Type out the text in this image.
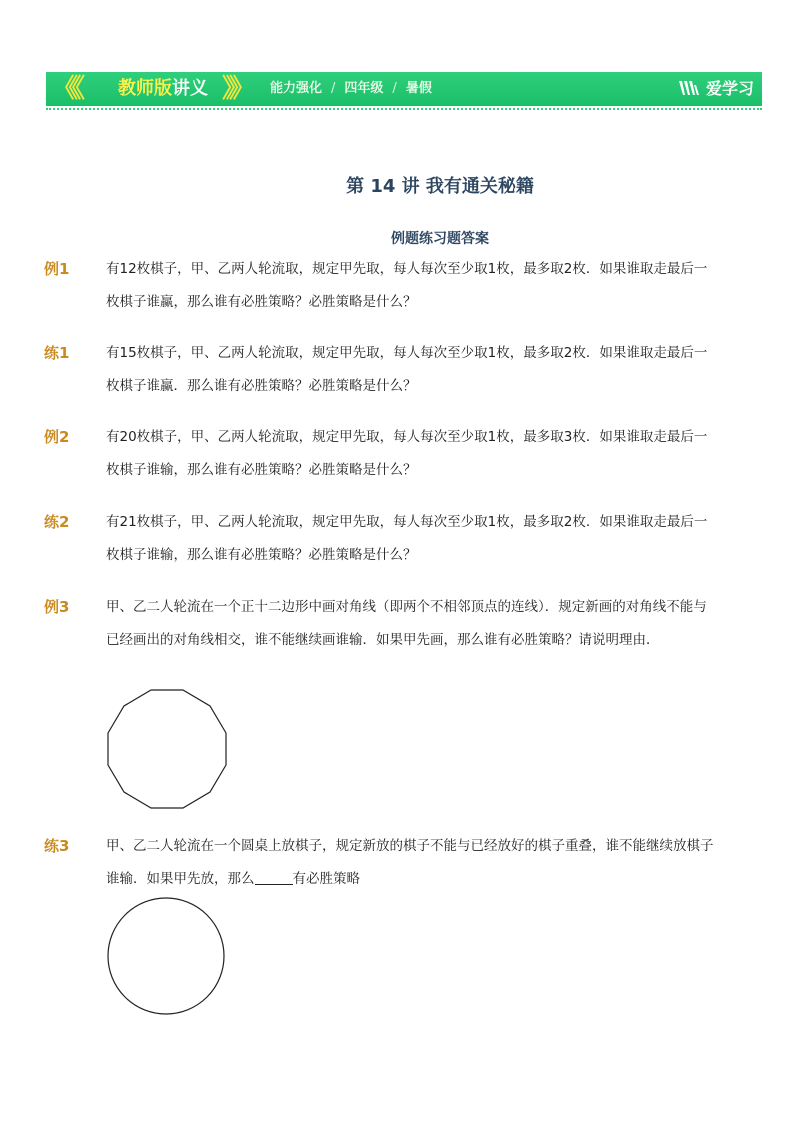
《《 教师版讲义 》》 能力强化 / 四年级 / 暑假	爱学习
第 14 讲 我有通关秘籍
例题练习题答案
例1	有12枚棋子，甲、乙两人轮流取，规定甲先取，每人每次至少取1枚，最多取2枚．如果谁取走最后一枚棋子谁赢，那么谁有必胜策略？必胜策略是什么？
练1	有15枚棋子，甲、乙两人轮流取，规定甲先取，每人每次至少取1枚，最多取2枚．如果谁取走最后一枚棋子谁赢．那么谁有必胜策略？必胜策略是什么？
例2	有20枚棋子，甲、乙两人轮流取，规定甲先取，每人每次至少取1枚，最多取3枚．如果谁取走最后一枚棋子谁输，那么谁有必胜策略？必胜策略是什么？
练2	有21枚棋子，甲、乙两人轮流取，规定甲先取，每人每次至少取1枚，最多取2枚．如果谁取走最后一枚棋子谁输，那么谁有必胜策略？必胜策略是什么？
例3	甲、乙二人轮流在一个正十二边形中画对角线（即两个不相邻顶点的连线）．规定新画的对角线不能与已经画出的对角线相交，谁不能继续画谁输．如果甲先画，那么谁有必胜策略？请说明理由．
练3	甲、乙二人轮流在一个圆桌上放棋子，规定新放的棋子不能与已经放好的棋子重叠，谁不能继续放棋子谁输．如果甲先放，那么	有必胜策略
